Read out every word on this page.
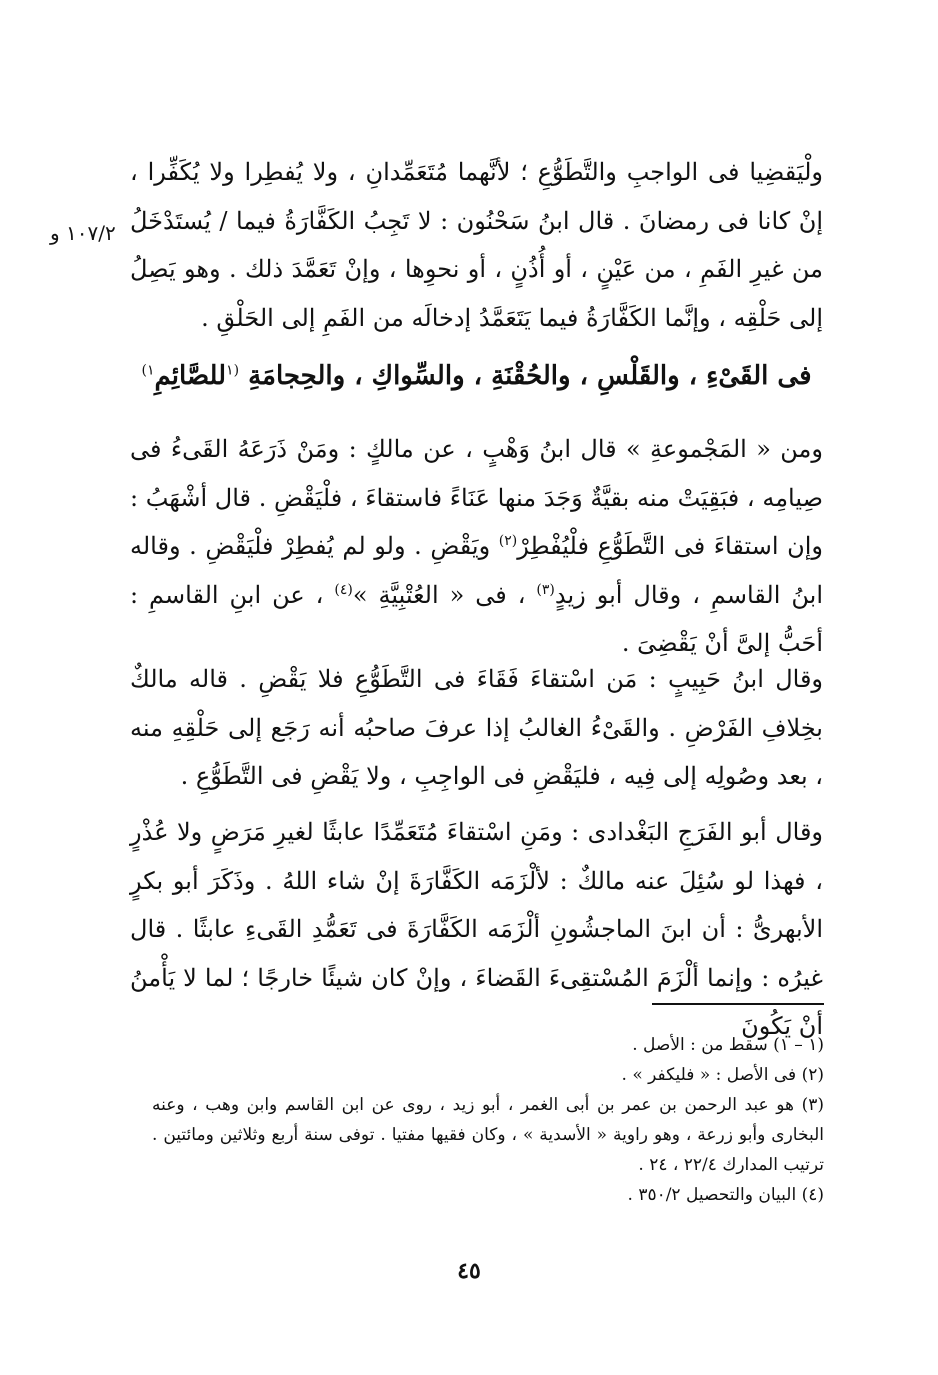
١٠٧/٢ و

ولْيَقضِيا فى الواجبِ والتَّطَوُّعِ ؛ لأنَّهما مُتَعَمِّدانِ ، ولا يُفطِرا ولا يُكَفِّرا ، إنْ كانا فى رمضانَ . قال ابنُ سَحْنُون : لا تَجِبُ الكَفَّارَةُ فيما / يُستَدْخَلُ من غيرِ الفَمِ ، من عَيْنٍ ، أو أُذُنٍ ، أو نحوِها ، وإنْ تَعَمَّدَ ذلك . وهو يَصِلُ إلى حَلْقِه ، وإنَّما الكَفَّارَةُ فيما يَتَعَمَّدُ إدخالَه من الفَمِ إلى الحَلْقِ .

فى القَىْءِ ، والقَلْسِ ، والحُقْنَةِ ، والسِّواكِ ، والحِجامَةِ $^{(١}$للصَّائِمِ$^{١)}$

ومن « المَجْموعةِ » قال ابنُ وَهْبٍ ، عن مالكٍ : ومَنْ ذَرَعَهُ القَىءُ فى صِيامِه ، فبَقِيَتْ منه بقيَّةٌ وَجَدَ منها عَنَاءً فاستقاءَ ، فلْيَقْضِ . قال أشْهَبُ : وإن استقاءَ فى التَّطَوُّعِ فلْيُفْطِرْ$^{(٢)}$ ويَقْضِ . ولو لم يُفطِرْ فلْيَقْضِ . وقاله ابنُ القاسمِ ، وقال أبو زيدٍ$^{(٣)}$ ، فى « العُتْبِيَّةِ »$^{(٤)}$ ، عن ابنِ القاسمِ : أحَبُّ إلىَّ أنْ يَقْضِىَ .

وقال ابنُ حَبِيبٍ : مَن اسْتقاءَ فَقَاءَ فى التَّطَوُّعِ فلا يَقْضِ . قاله مالكٌ بخِلافِ الفَرْضِ . والقَىْءُ الغالبُ إذا عرفَ صاحبُه أنه رَجَع إلى حَلْقِهِ منه ، بعد وصُولِه إلى فِيه ، فليَقْضِ فى الواجِبِ ، ولا يَقْضِ فى التَّطَوُّعِ .

وقال أبو الفَرَجِ البَغْدادى : ومَنِ اسْتقاءَ مُتَعَمِّدًا عابثًا لغيرِ مَرَضٍ ولا عُذْرٍ ، فهذا لو سُئِلَ عنه مالكٌ : لألْزَمَه الكَفَّارَةَ إنْ شاء اللهُ . وذَكَرَ أبو بكرٍ الأبهرىُّ : أن ابنَ الماجشُونِ ألْزَمَه الكَفَّارَةَ فى تَعَمُّدِ القَىءِ عابثًا . قال غيرُه : وإنما ألْزَمَ المُسْتقِىءَ القَضاءَ ، وإنْ كان شيئًا خارجًا ؛ لما لا يَأْمنُ أنْ يَكُونَ

(١ – ١) سقط من : الأصل .

(٢) فى الأصل : « فليكفر » .

(٣) هو عبد الرحمن بن عمر بن أبى الغمر ، أبو زيد ، روى عن ابن القاسم وابن وهب ، وعنه البخارى وأبو زرعة ، وهو راوية « الأسدية » ، وكان فقيها مفتيا . توفى سنة أربع وثلاثين ومائتين . ترتيب المدارك ٢٢/٤ ، ٢٤ .

(٤) البيان والتحصيل ٣٥٠/٢ .

٤٥
